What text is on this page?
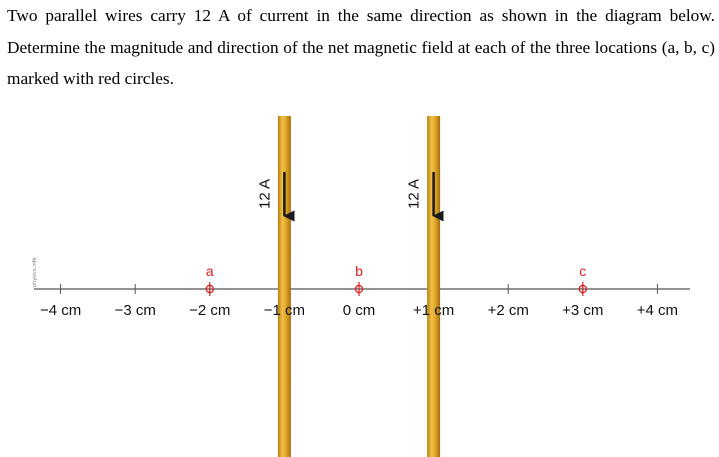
Two parallel wires carry 12 A of current in the same direction as shown in the diagram below. Determine the magnitude and direction of the net magnetic field at each of the three locations (a, b, c) marked with red circles.
physics.info
12 A	12 A
−4 cm −3 cm −2 cm −1 cm	0 cm	+1 cm +2 cm +3 cm +4 cm
a	b	c
